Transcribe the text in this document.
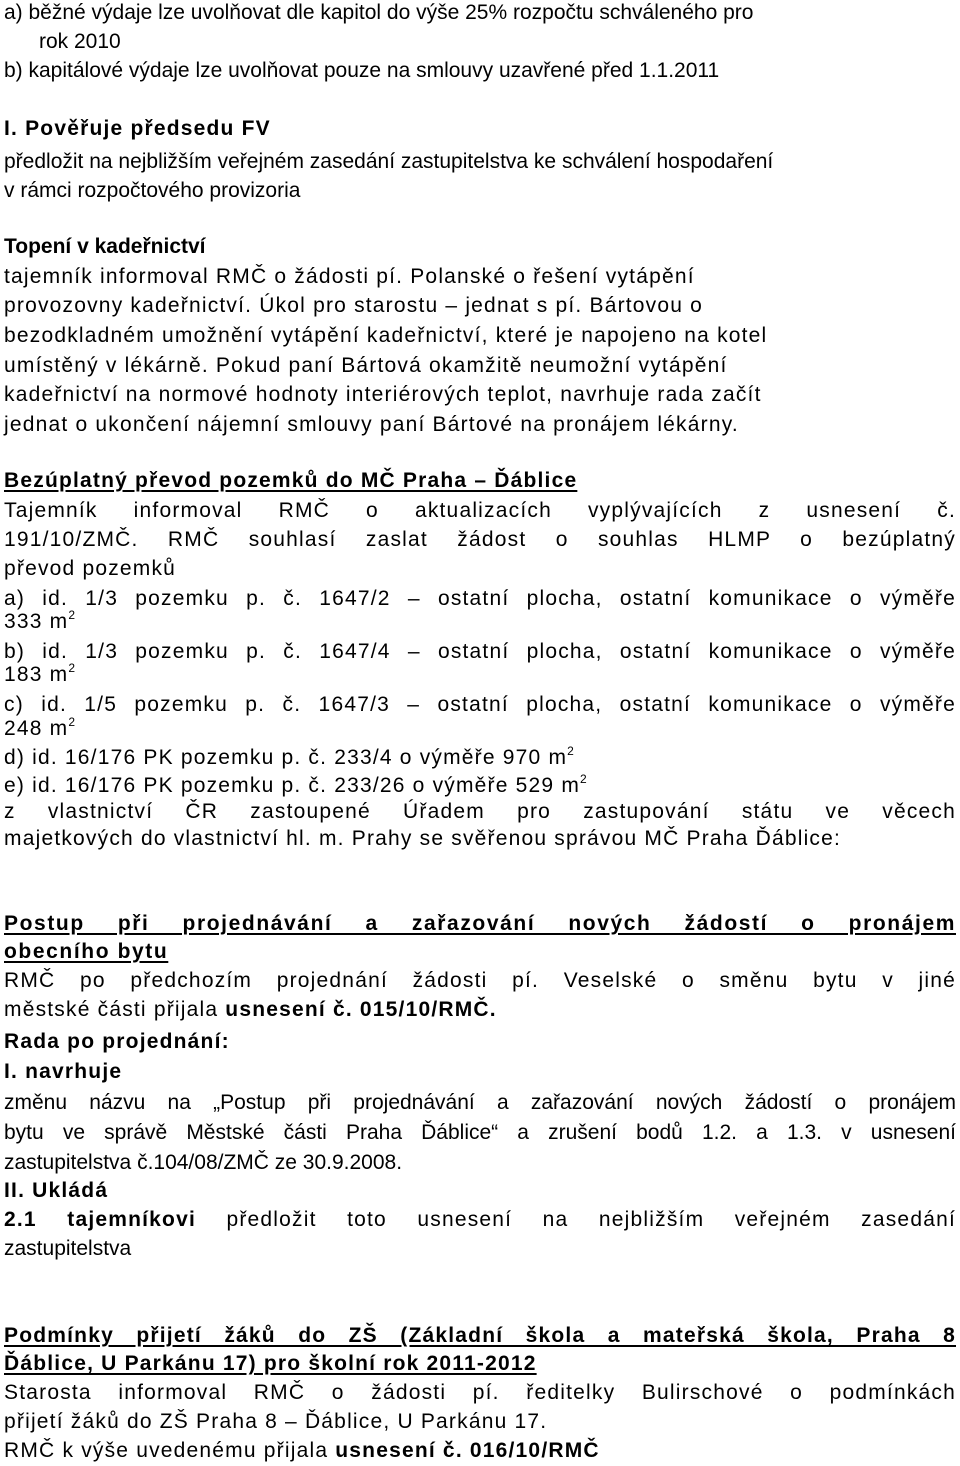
a) běžné výdaje lze uvolňovat dle kapitol do výše 25% rozpočtu schváleného pro
rok 2010
b) kapitálové výdaje lze uvolňovat pouze na smlouvy uzavřené před 1.1.2011
I. Pověřuje předsedu FV
předložit na nejbližším veřejném zasedání zastupitelstva ke schválení hospodaření
v rámci rozpočtového provizoria
Topení v kadeřnictví
tajemník informoval RMČ o žádosti pí. Polanské o řešení vytápění
provozovny kadeřnictví. Úkol pro starostu – jednat s pí. Bártovou o
bezodkladném umožnění vytápění kadeřnictví, které je napojeno na kotel
umístěný v lékárně. Pokud paní Bártová okamžitě neumožní vytápění
kadeřnictví na normové hodnoty interiérových teplot, navrhuje rada začít
jednat o ukončení nájemní smlouvy paní Bártové na pronájem lékárny.
Bezúplatný převod pozemků do MČ Praha – Ďáblice
Tajemník informoval RMČ o aktualizacích vyplývajících z usnesení č.
191/10/ZMČ. RMČ souhlasí zaslat žádost o souhlas HLMP o bezúplatný
převod pozemků
a) id. 1/3 pozemku p. č. 1647/2 – ostatní plocha, ostatní komunikace o výměře
333 $m^2$
b) id. 1/3 pozemku p. č. 1647/4 – ostatní plocha, ostatní komunikace o výměře
183 $m^2$
c) id. 1/5 pozemku p. č. 1647/3 – ostatní plocha, ostatní komunikace o výměře
248 $m^2$
d) id. 16/176 PK pozemku p. č. 233/4 o výměře 970 $m^2$
e) id. 16/176 PK pozemku p. č. 233/26 o výměře 529 $m^2$
z vlastnictví ČR zastoupené Úřadem pro zastupování státu ve věcech
majetkových do vlastnictví hl. m. Prahy se svěřenou správou MČ Praha Ďáblice:
Postup při projednávání a zařazování nových žádostí o pronájem
obecního bytu
RMČ po předchozím projednání žádosti pí. Veselské o směnu bytu v jiné
městské části přijala usnesení č. 015/10/RMČ.
Rada po projednání:
I. navrhuje
změnu názvu na „Postup při projednávání a zařazování nových žádostí o pronájem
bytu ve správě Městské části Praha Ďáblice“ a zrušení bodů 1.2. a 1.3. v usnesení
zastupitelstva č.104/08/ZMČ ze 30.9.2008.
II. Ukládá
2.1 tajemníkovi předložit toto usnesení na nejbližším veřejném zasedání
zastupitelstva
Podmínky přijetí žáků do ZŠ (Základní škola a mateřská škola, Praha 8
Ďáblice, U Parkánu 17) pro školní rok 2011-2012
Starosta informoval RMČ o žádosti pí. ředitelky Bulirschové o podmínkách
přijetí žáků do ZŠ Praha 8 – Ďáblice, U Parkánu 17.
RMČ k výše uvedenému přijala usnesení č. 016/10/RMČ
